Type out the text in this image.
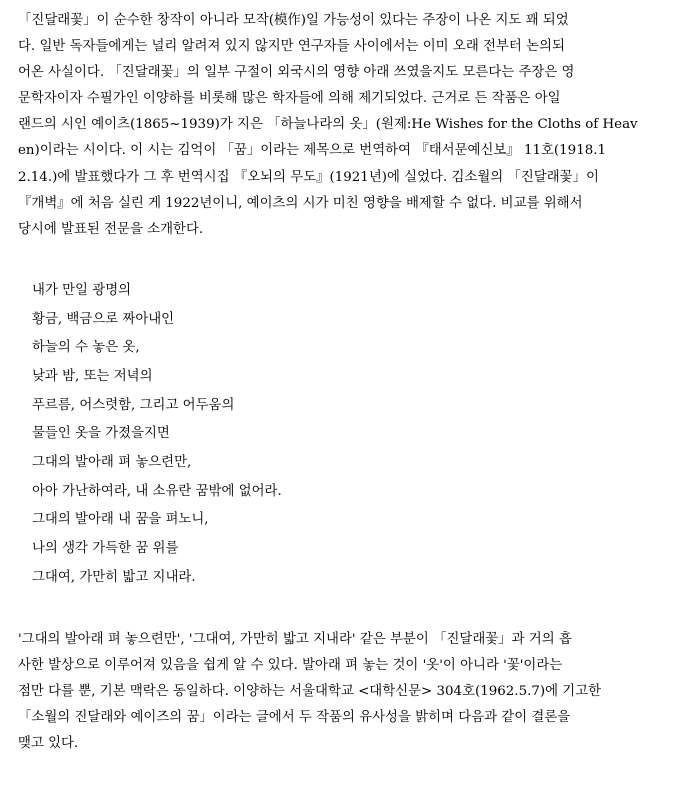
「진달래꽃」이 순수한 창작이 아니라 모작(模作)일 가능성이 있다는 주장이 나온 지도 꽤 되었
다. 일반 독자들에게는 널리 알려져 있지 않지만 연구자들 사이에서는 이미 오래 전부터 논의되
어온 사실이다. 「진달래꽃」의 일부 구절이 외국시의 영향 아래 쓰였을지도 모른다는 주장은 영
문학자이자 수필가인 이양하를 비롯해 많은 학자들에 의해 제기되었다. 근거로 든 작품은 아일
랜드의 시인 예이츠(1865~1939)가 지은 「하늘나라의 옷」(원제:He Wishes for the Cloths of Heav
en)이라는 시이다. 이 시는 김억이 「꿈」이라는 제목으로 번역하여 『태서문예신보』 11호(1918.1
2.14.)에 발표했다가 그 후 번역시집 『오뇌의 무도』(1921년)에 실었다. 김소월의 「진달래꽃」이
『개벽』에 처음 실린 게 1922년이니, 예이츠의 시가 미친 영향을 배제할 수 없다. 비교를 위해서
당시에 발표된 전문을 소개한다.
내가 만일 광명의
황금, 백금으로 짜아내인
하늘의 수 놓은 옷,
낮과 밤, 또는 저녁의
푸르름, 어스렷함, 그리고 어두움의
물들인 옷을 가졌을지면
그대의 발아래 펴 놓으련만,
아아 가난하여라, 내 소유란 꿈밖에 없어라.
그대의 발아래 내 꿈을 펴노니,
나의 생각 가득한 꿈 위를
그대여, 가만히 밟고 지내라.
'그대의 발아래 펴 놓으련만', '그대여, 가만히 밟고 지내라' 같은 부분이 「진달래꽃」과 거의 흡
사한 발상으로 이루어져 있음을 쉽게 알 수 있다. 발아래 펴 놓는 것이 '옷'이 아니라 '꽃'이라는
점만 다를 뿐, 기본 맥락은 동일하다. 이양하는 서울대학교 <대학신문> 304호(1962.5.7)에 기고한
「소월의 진달래와 예이즈의 꿈」이라는 글에서 두 작품의 유사성을 밝히며 다음과 같이 결론을
맺고 있다.
